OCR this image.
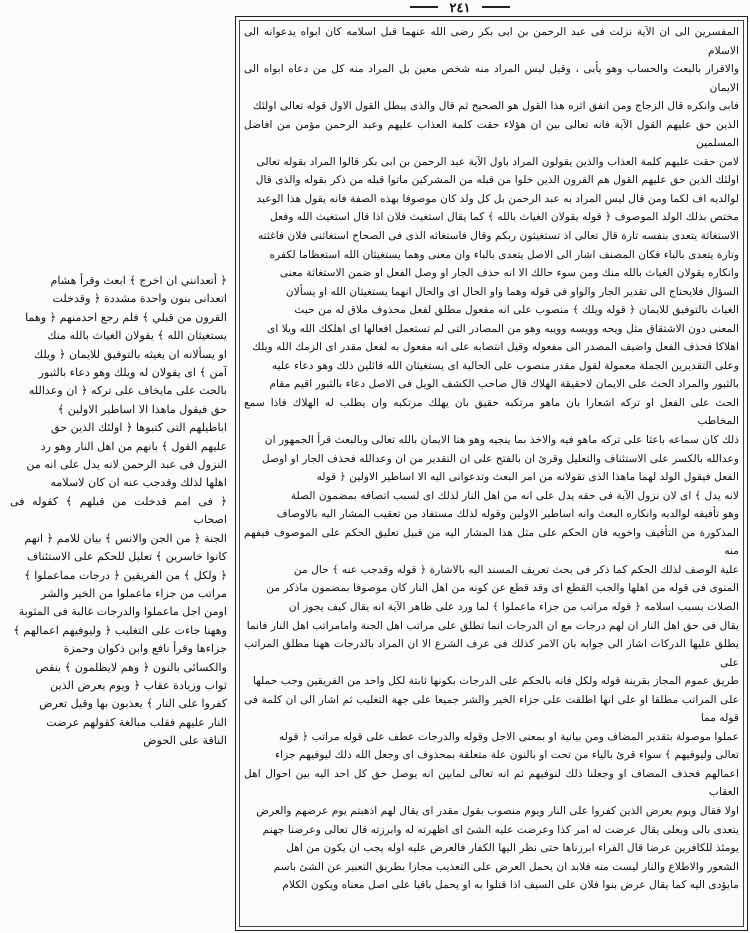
٢٤١
﴿ أتعدانني ان اخرج ﴾ ابعث وقرأ هشام
اتعدانى بنون واحدة مشددة ﴿ وقدخلت
القرون من قبلي ﴾ فلم رجع احدمنهم ﴿ وهما
يستغيثان الله ﴾ يقولان الغياث بالله منك
او يسألانه ان يغيثه بالتوفيق للايمان ﴿ ويلك
آمن ﴾ اى يقولان له ويلك وهو دعاء بالثبور
بالحث على مايخاف على تركه ﴿ ان وعدالله
حق فيقول ماهذا الا اساطير الاولين ﴾
اباطيلهم التى كتبوها ﴿ اولئك الذين حق
عليهم القول ﴾ بانهم من اهل النار وهو رد
النزول فى عبد الرحمن لانه يدل على انه من
اهلها لذلك وقدجب عنه ان كان لاسلامه
﴿ فى امم قدخلت من قبلهم ﴾ كقوله فى اصحاب
الجنة ﴿ من الجن والانس ﴾ بيان للامم ﴿ انهم
كانوا خاسرين ﴾ تعليل للحكم على الاستئناف
﴿ ولكل ﴾ من الفريقين ﴿ درجات مماعملوا ﴾
مراتب من جزاء ماعملوا من الخير والشر
اومن اجل ماعملوا والدرجات غالبة فى المثوبة
وههنا جاءت على التغليب ﴿ وليوفيهم اعمالهم ﴾
جزاءها وقرأ نافع وابن ذكوان وحمزة
والكسائى بالنون ﴿ وهم لايظلمون ﴾ بنقص
ثواب وزيادة عقاب ﴿ ويوم يعرض الذين
كفروا على النار ﴾ يعذبون بها وقيل تعرض
النار عليهم فقلب مبالغة كقولهم عرضت
الناقة على الحوض
المفسرين الى ان الآية نزلت فى عبد الرحمن بن ابى بكر رضى الله عنهما قبل اسلامه كان ابواه يدعوانه الى الاسلام
والاقرار بالبعث والحساب وهو يأبى ، وقيل ليس المراد منه شخص معين بل المراد منه كل من دعاه ابواه الى الايمان
فابى وانكره قال الزجاج ومن اتفق اثره هذا القول هو الصحيح ثم قال والذى يبطل القول الاول قوله تعالى اولئك
الذين حق عليهم القول الآية فانه تعالى بين ان هؤلاء حقت كلمة العذاب عليهم وعبد الرحمن مؤمن من افاضل المسلمين
لامن حقت عليهم كلمة العذاب والذين يقولون المراد باول الآية عبد الرحمن بن ابى بكر قالوا المراد بقوله تعالى
اولئك الذين حق عليهم القول هم القرون الذين خلوا من قبله من المشركين ماتوا قبله من ذكر بقوله والذى قال
لوالديه اف لكما ومن قال ليس المراد به عبد الرحمن بل كل ولد كان موصوفا بهذه الصفة فانه يقول هذا الوعيد
مختص بذلك الولد الموصوف ﴿ قوله يقولان الغياث بالله ﴾ كما يقال استغيث فلان اذا قال استغيث الله وفعل
الاستغاثة يتعدى بنفسه تارة قال تعالى اذ تستغيثون ربكم وقال فاستغاثه الذى فى الصحاح استغاثنى فلان فاغثته
وتارة يتعدى بالباء فكان المصنف اشار الى الاصل يتعدى بالباء وان معنى وهما يستغيثان الله استعظاما لكفره
وانكاره يقولان الغياث بالله منك ومن سوء حالك الا انه حذف الجار او وصل الفعل او ضمن الاستغاثة معنى
السؤال فلايحتاج الى تقدير الجار والواو فى قوله وهما واو الحال اى والحال انهما يستغيثان الله او يسألان
الغياث بالتوفيق للايمان ﴿ قوله ويلك ﴾ منصوب على انه مفعول مطلق لفعل محذوف ملاق له من حيث
المعنى دون الاشتقاق مثل ويحه وويسه وويبه وهو من المصادر التى لم تستعمل افعالها اى اهلكك الله ويلا اى
اهلاكا فحذف الفعل واضيف المصدر الى مفعوله وقيل انتصابه على انه مفعول به لفعل مقدر اى الزمك الله ويلك
وعلى التقديرين الجملة معمولة لقول مقدر منصوب على الحالية اى يستغيثان الله قائلين ذلك وهو دعاء عليه
بالثبور والمراد الحث على الايمان لاحقيقة الهلاك قال صاحب الكشف الويل فى الاصل دعاء بالثبور اقيم مقام
الحث على الفعل او تركه اشعارا بان ماهو مرتكبه حقيق بان يهلك مرتكبه وان يطلب له الهلاك فاذا سمع المخاطب
ذلك كان سماعه باعثا على تركه ماهو فيه والاخذ بما ينجيه وهو هنا الايمان بالله تعالى وبالبعث قرأ الجمهور ان
وعدالله بالكسر على الاستئناف والتعليل وقرئ ان بالفتح على ان التقدير من ان وعدالله فحذف الجار او اوصل
الفعل فيقول الولد لهما ماهذا الذى تقولانه من امر البعث وتدعوانى اليه الا اساطير الاولين ﴿ قوله
لانه يدل ﴾ اى لان نزول الآية فى حقه يدل على انه من اهل النار لذلك اى لسبب اتصافه بمضمون الصلة
وهو تأفيفه لوالديه وانكاره البعث وانه اساطير الاولين وقوله لذلك مستفاد من تعقيب المشار اليه بالاوصاف
المذكورة من التأفيف واخويه فان الحكم على مثل هذا المشار اليه من قبيل تعليق الحكم على الموصوف فيفهم منه
علية الوصف لذلك الحكم كما ذكر فى بحث تعريف المسند اليه بالاشارة ﴿ قوله وقدجب عنه ﴾ حال من
المنوى فى قوله من اهلها والجب القطع اى وقد قطع عن كونه من اهل النار كان موصوفا بمضمون ماذكر من
الصلات بسبب اسلامه ﴿ قوله مراتب من جزاء ماعملوا ﴾ لما ورد على ظاهر الآية انه يقال كيف يجوز ان
يقال فى حق اهل النار ان لهم درجات مع ان الدرجات انما تطلق على مراتب اهل الجنة وامامراتب اهل النار فانما
يطلق عليها الدركات اشار الى جوابه بان الامر كذلك فى عرف الشرع الا ان المراد بالدرجات ههنا مطلق المراتب على
طريق عموم المجاز بقرينة قوله ولكل فانه بالحكم على الدرجات بكونها ثابتة لكل واحد من الفريقين وجب حملها
على المراتب مطلقا او على انها اطلقت على جزاء الخير والشر جميعا على جهة التغليب ثم اشار الى ان كلمة فى قوله مما
عملوا موصولة بتقدير المضاف ومن بيانية او بمعنى الاجل وقوله والدرجات عطف على قوله مراتب ﴿ قوله
تعالى وليوفيهم ﴾ سواء قرئ بالياء من تحت او بالنون علة متعلقة بمحذوف اى وجعل الله ذلك ليوفيهم جزاء
اعمالهم فحذف المضاف او وجعلنا ذلك لنوفيهم ثم انه تعالى لمابين انه يوصل حق كل احد اليه بين احوال اهل العقاب
اولا فقال ويوم يعرض الذين كفروا على النار ويوم منصوب بقول مقدر اى يقال لهم اذهبتم يوم عرضهم والعرض
يتعدى بالى وبعلى يقال عرضت له امر كذا وعرضت عليه الشئ اى اظهرته له وابرزته قال تعالى وعرضنا جهنم
يومئذ للكافرين عرضا قال الفراء ابرزناها حتى نظر اليها الكفار فالعرض عليه اوله يجب ان يكون من اهل
الشعور والاطلاع والنار ليست منه فلابد ان يحمل العرض على التعذيب مجازا بطريق التعبير عن الشئ باسم
مايؤدى اليه كما يقال عرض بنوا فلان على السيف اذا قتلوا به او يحمل باقيا على اصل معناه ويكون الكلام
